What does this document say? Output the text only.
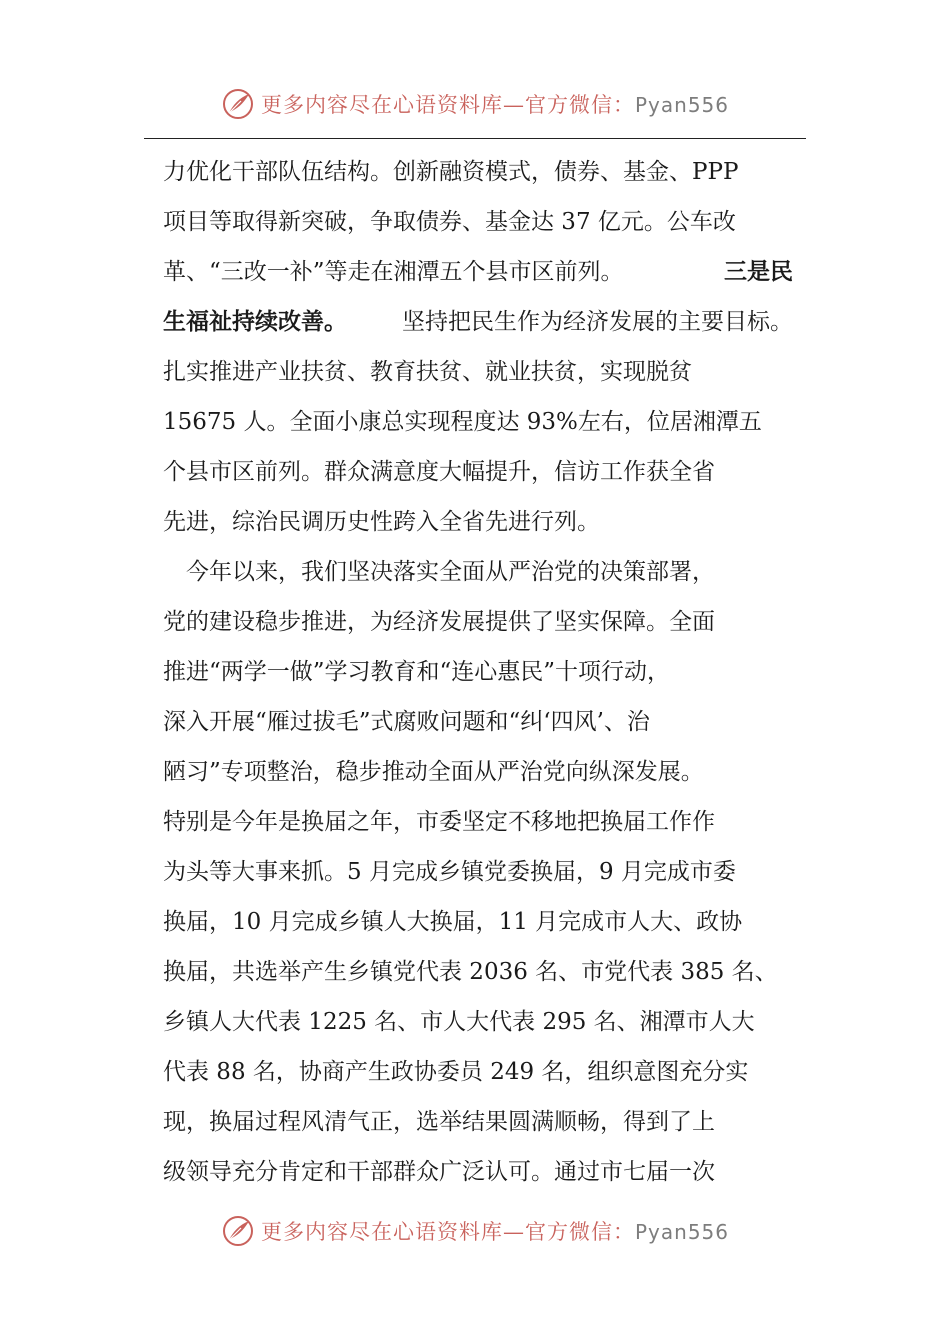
更多内容尽在心语资料库—官方微信：Pyan556
力优化干部队伍结构。创新融资模式，债券、基金、PPP
项目等取得新突破，争取债券、基金达 37 亿元。公车改
革、“三改一补”等走在湘潭五个县市区前列。	三是民
生福祉持续改善。 坚持把民生作为经济发展的主要目标。
扎实推进产业扶贫、教育扶贫、就业扶贫，实现脱贫
15675 人。全面小康总实现程度达 93%左右，位居湘潭五
个县市区前列。群众满意度大幅提升，信访工作获全省
先进，综治民调历史性跨入全省先进行列。
　今年以来，我们坚决落实全面从严治党的决策部署，
党的建设稳步推进，为经济发展提供了坚实保障。全面
推进“两学一做”学习教育和“连心惠民”十项行动，
深入开展“雁过拔毛”式腐败问题和“纠‘四风’、治
陋习”专项整治，稳步推动全面从严治党向纵深发展。
特别是今年是换届之年，市委坚定不移地把换届工作作
为头等大事来抓。5 月完成乡镇党委换届，9 月完成市委
换届，10 月完成乡镇人大换届，11 月完成市人大、政协
换届，共选举产生乡镇党代表 2036 名、市党代表 385 名、
乡镇人大代表 1225 名、市人大代表 295 名、湘潭市人大
代表 88 名，协商产生政协委员 249 名，组织意图充分实
现，换届过程风清气正，选举结果圆满顺畅，得到了上
级领导充分肯定和干部群众广泛认可。通过市七届一次
更多内容尽在心语资料库—官方微信：Pyan556
